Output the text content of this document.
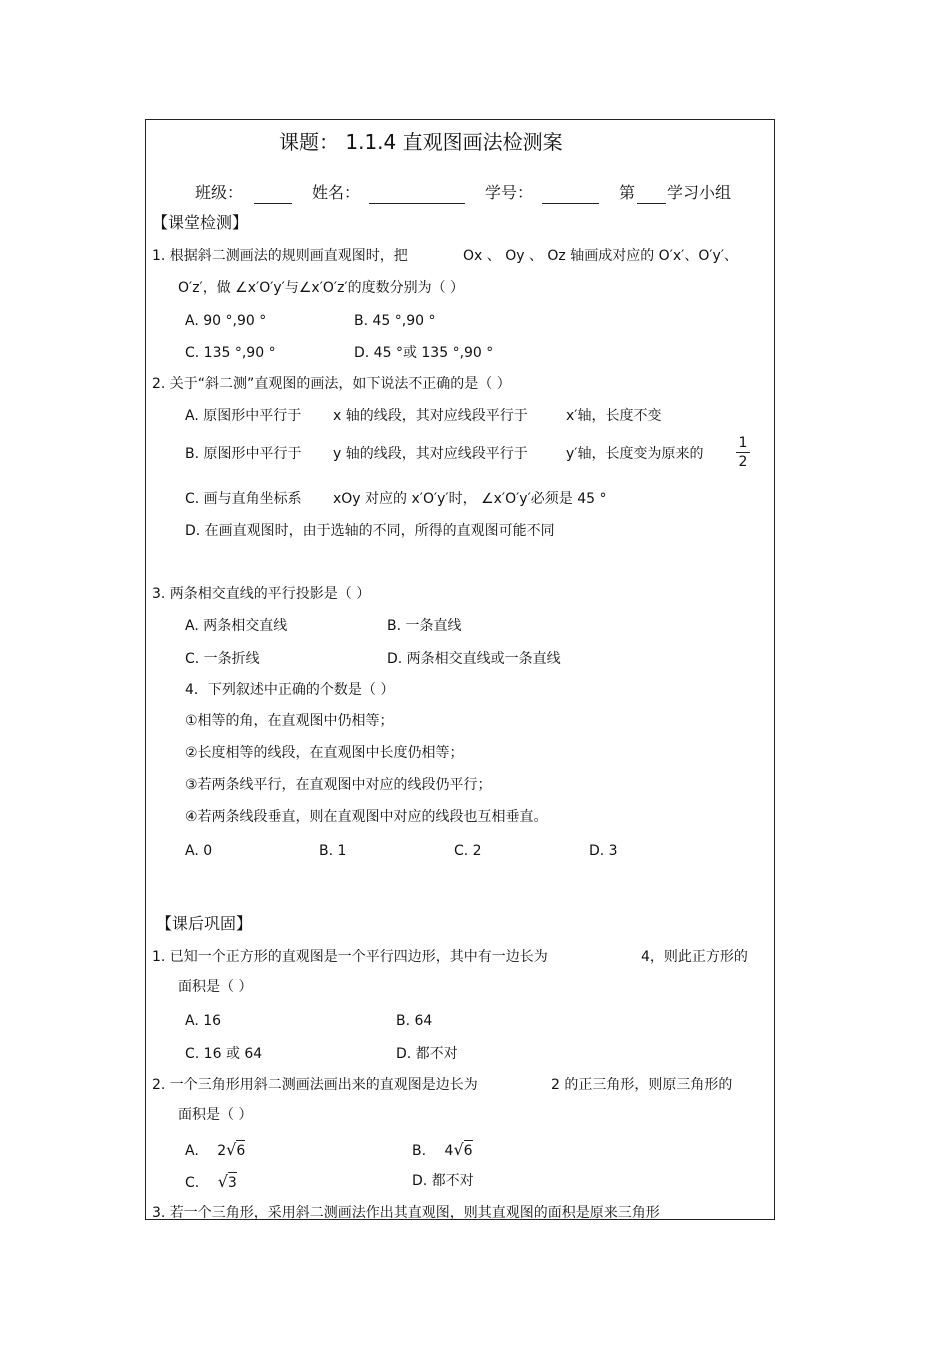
课题： 1.1.4 直观图画法检测案
班级：	姓名：	学号：	第 学习小组
【课堂检测】
1. 根据斜二测画法的规则画直观图时，把	Ox 、 Oy 、 Oz 轴画成对应的 O′x′、O′y′、
O′z′，做 ∠x′O′y′与∠x′O′z′的度数分别为（ ）
A. 90 °,90 °	B. 45 °,90 °
C. 135 °,90 °	D. 45 °或 135 °,90 °
2. 关于“斜二测”直观图的画法，如下说法不正确的是（ ）
A. 原图形中平行于 x 轴的线段，其对应线段平行于	x′轴，长度不变
B. 原图形中平行于 y 轴的线段，其对应线段平行于	y′轴，长度变为原来的
1
2
C. 画与直角坐标系 xOy 对应的 x′O′y′时， ∠x′O′y′必须是 45 °
D. 在画直观图时，由于选轴的不同，所得的直观图可能不同
3. 两条相交直线的平行投影是（ ）
A. 两条相交直线	B. 一条直线
C. 一条折线	D. 两条相交直线或一条直线
4．下列叙述中正确的个数是（ ）
①相等的角，在直观图中仍相等；
②长度相等的线段，在直观图中长度仍相等；
③若两条线平行，在直观图中对应的线段仍平行；
④若两条线段垂直，则在直观图中对应的线段也互相垂直。
A. 0	B. 1	C. 2	D. 3
【课后巩固】
1. 已知一个正方形的直观图是一个平行四边形，其中有一边长为	4，则此正方形的
面积是（ ）
A. 16	B. 64
C. 16 或 64	D. 都不对
2. 一个三角形用斜二测画法画出来的直观图是边长为	2 的正三角形，则原三角形的
面积是（ ）
A. 2√6	B. 4√6
C. √3	D. 都不对
3. 若一个三角形，采用斜二测画法作出其直观图，则其直观图的面积是原来三角形
